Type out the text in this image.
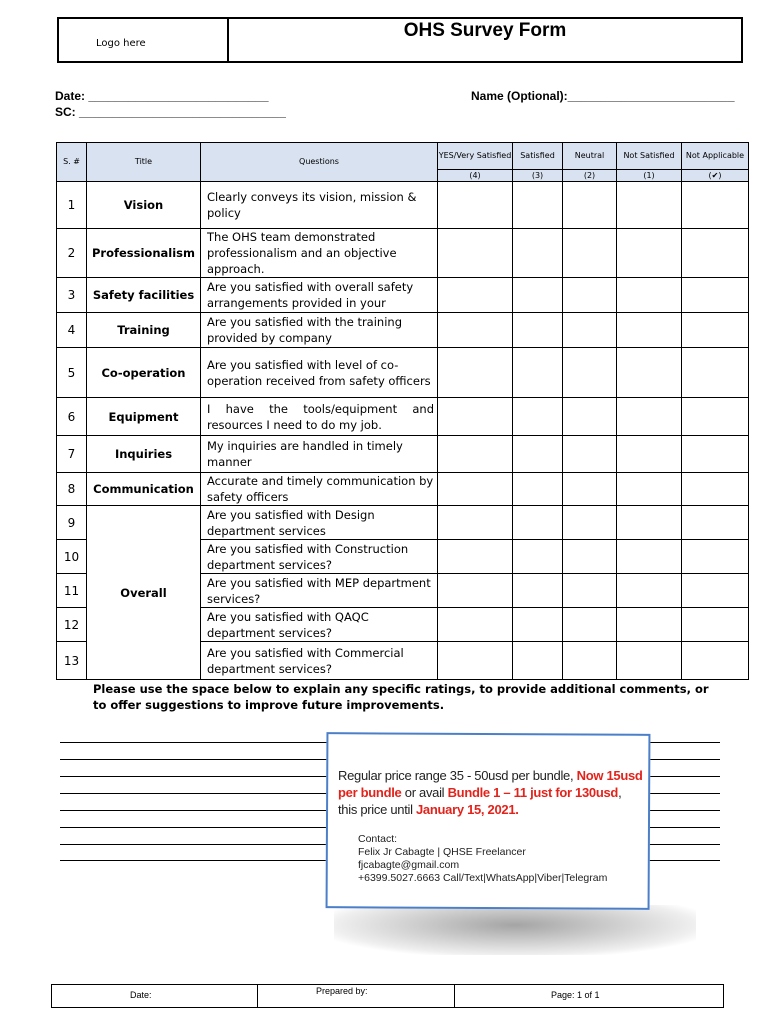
Logo here
OHS Survey Form
Date: ___________________________
SC: _______________________________
Name (Optional):_________________________
S. #	Title	Questions	YES/Very Satisfied	Satisfied	Neutral	Not Satisfied	Not Applicable
			(4)	(3)	(2)	(1)	(✔)
1	Vision	Clearly conveys its vision, mission & policy					

2	Professionalism	The OHS team demonstrated professionalism and an objective approach.					

3	Safety facilities	Are you satisfied with overall safety arrangements provided in your					

4	Training	Are you satisfied with the training provided by company					

5	Co-operation	Are you satisfied with level of co-operation received from safety officers					

6	Equipment	I have the tools/equipment and resources I need to do my job.					

7	Inquiries	My inquiries are handled in timely manner					

8	Communication	Accurate and timely communication by safety officers					

9	Overall	Are you satisfied with Design department services					

10		Are you satisfied with Construction department services?					

11		Are you satisfied with MEP department services?					

12		Are you satisfied with QAQC department services?					

13		Are you satisfied with Commercial department services?					

Please use the space below to explain any specific ratings, to provide additional comments, or to offer suggestions to improve future improvements.
Regular price range 35 - 50usd per bundle, Now 15usd per bundle or avail Bundle 1 – 11 just for 130usd, this price until January 15, 2021.
Contact:
Felix Jr Cabagte | QHSE Freelancer
fjcabagte@gmail.com
+6399.5027.6663 Call/Text|WhatsApp|Viber|Telegram
Date:	Prepared by:	Page: 1 of 1
